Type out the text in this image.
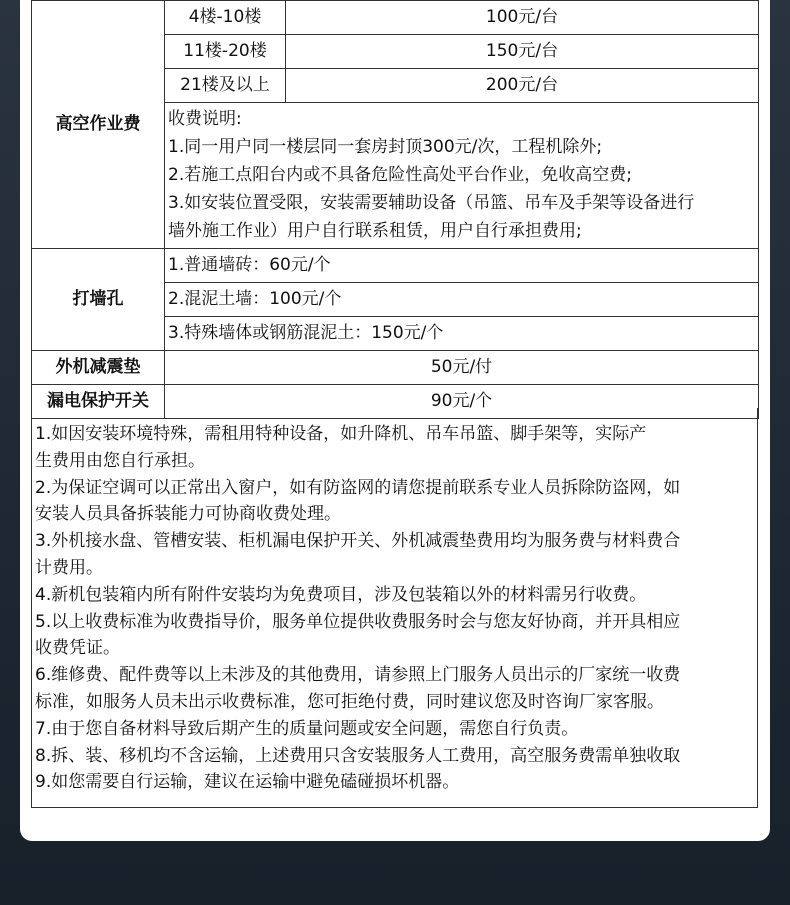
高空作业费	4楼-10楼	100元/台
	11楼-20楼	150元/台
	21楼及以上	200元/台

	收费说明:
1.同一用户同一楼层同一套房封顶300元/次，工程机除外;
2.若施工点阳台内或不具备危险性高处平台作业，免收高空费;
3.如安装位置受限，安装需要辅助设备（吊篮、吊车及手架等设备进行
墙外施工作业）用户自行联系租赁，用户自行承担费用;	

打墙孔	1.普通墙砖：60元/个	
	2.混泥土墙：100元/个	
	3.特殊墙体或钢筋混泥土：150元/个	
外机减震垫	50元/付	
漏电保护开关	90元/个	
1.如因安装环境特殊，需租用特种设备，如升降机、吊车吊篮、脚手架等，实际产
生费用由您自行承担。
2.为保证空调可以正常出入窗户，如有防盗网的请您提前联系专业人员拆除防盗网，如
安装人员具备拆装能力可协商收费处理。
3.外机接水盘、管槽安装、柜机漏电保护开关、外机减震垫费用均为服务费与材料费合
计费用。
4.新机包装箱内所有附件安装均为免费项目，涉及包装箱以外的材料需另行收费。
5.以上收费标准为收费指导价，服务单位提供收费服务时会与您友好协商，并开具相应
收费凭证。
6.维修费、配件费等以上未涉及的其他费用，请参照上门服务人员出示的厂家统一收费
标准，如服务人员未出示收费标准，您可拒绝付费，同时建议您及时咨询厂家客服。
7.由于您自备材料导致后期产生的质量问题或安全问题，需您自行负责。
8.拆、装、移机均不含运输，上述费用只含安装服务人工费用，高空服务费需单独收取
9.如您需要自行运输，建议在运输中避免磕碰损坏机器。
